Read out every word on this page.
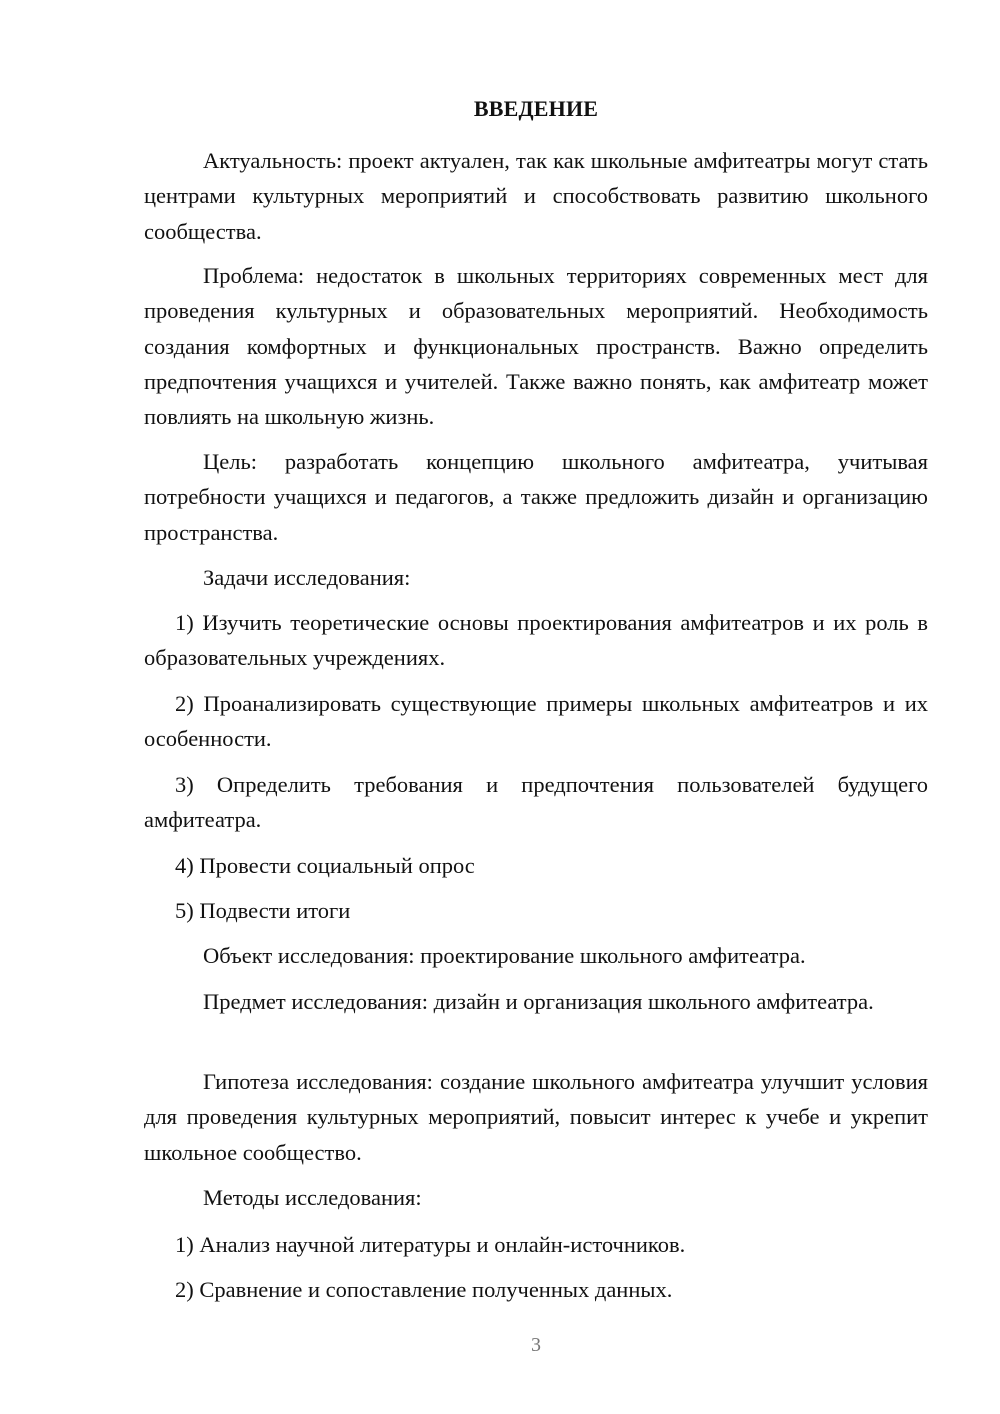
ВВЕДЕНИЕ

Актуальность: проект актуален, так как школьные амфитеатры могут стать центрами культурных мероприятий и способствовать развитию школьного сообщества.

Проблема: недостаток в школьных территориях современных мест для проведения культурных и образовательных мероприятий. Необходимость создания комфортных и функциональных пространств. Важно определить предпочтения учащихся и учителей. Также важно понять, как амфитеатр может повлиять на школьную жизнь.

Цель: разработать концепцию школьного амфитеатра, учитывая потребности учащихся и педагогов, а также предложить дизайн и организацию пространства.

Задачи исследования:

1) Изучить теоретические основы проектирования амфитеатров и их роль в образовательных учреждениях.

2) Проанализировать существующие примеры школьных амфитеатров и их особенности.

3) Определить требования и предпочтения пользователей будущего амфитеатра.

4) Провести социальный опрос

5) Подвести итоги

Объект исследования: проектирование школьного амфитеатра.

Предмет исследования: дизайн и организация школьного амфитеатра.

Гипотеза исследования: создание школьного амфитеатра улучшит условия для проведения культурных мероприятий, повысит интерес к учебе и укрепит школьное сообщество.

Методы исследования:

1) Анализ научной литературы и онлайн-источников.

2) Сравнение и сопоставление полученных данных.

3
